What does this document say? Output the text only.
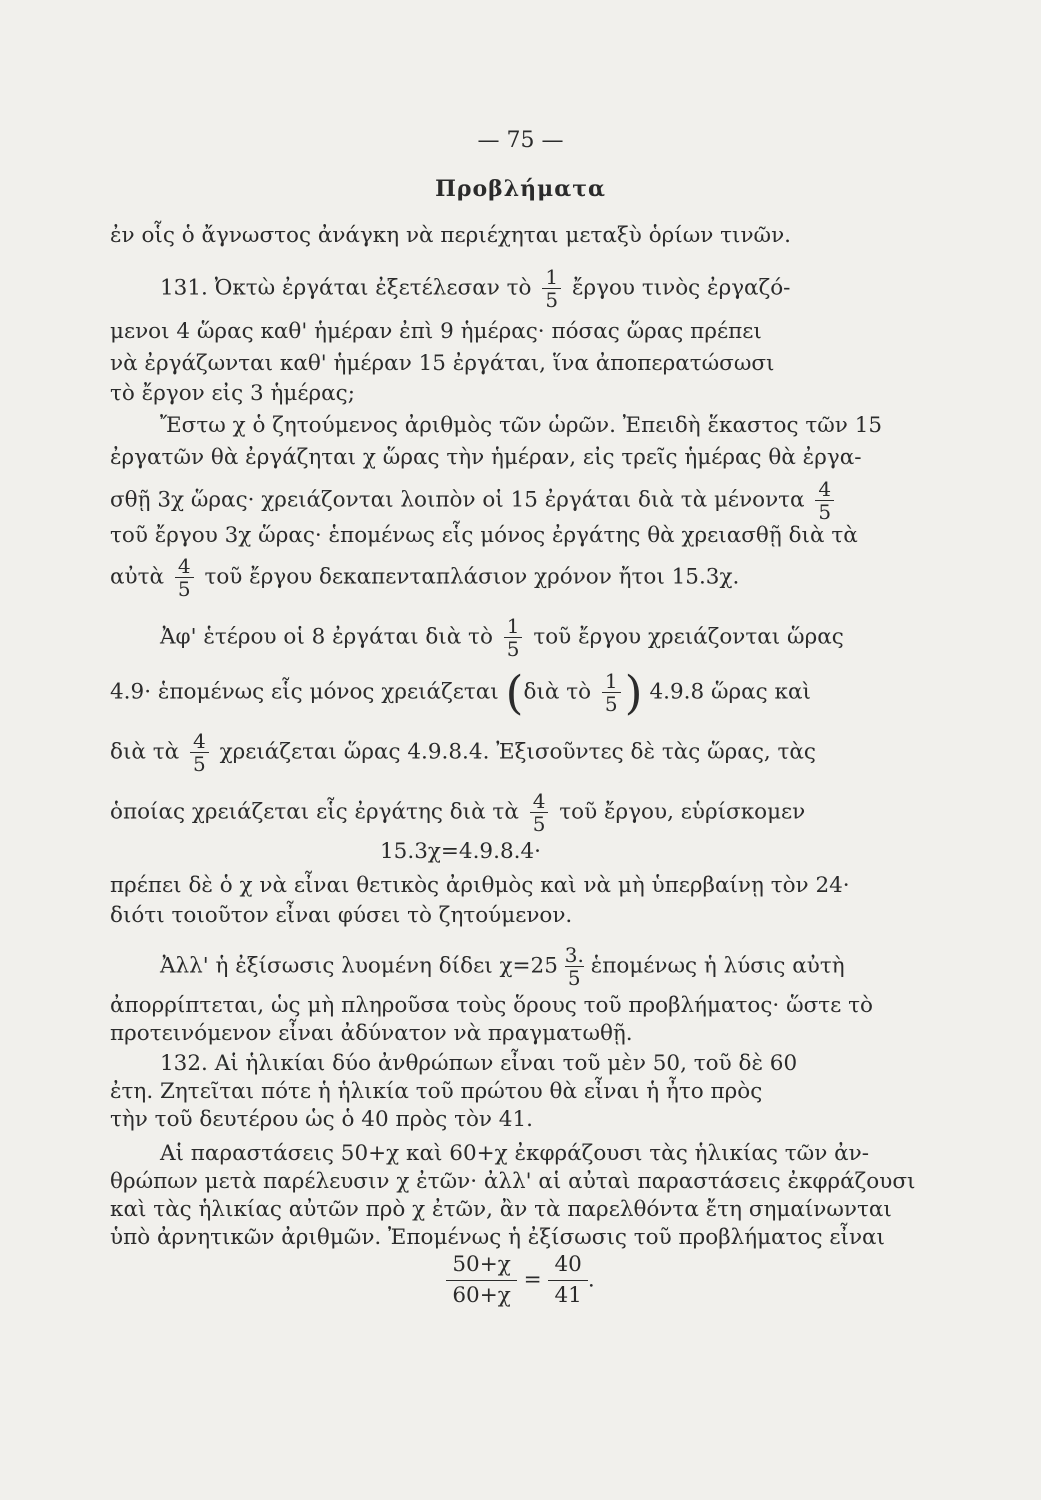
— 75 —
Προβλήματα
ἐν οἷς ὁ ἄγνωστος ἀνάγκη νὰ περιέχηται μεταξὺ ὁρίων τινῶν.
131. Ὀκτὼ ἐργάται ἐξετέλεσαν τὸ $\frac{1}{5}$ ἔργου τινὸς ἐργαζό-
μενοι 4 ὥρας καθ' ἡμέραν ἐπὶ 9 ἡμέρας· πόσας ὥρας πρέπει
νὰ ἐργάζωνται καθ' ἡμέραν 15 ἐργάται, ἵνα ἀποπερατώσωσι
τὸ ἔργον εἰς 3 ἡμέρας;
Ἔστω χ ὁ ζητούμενος ἀριθμὸς τῶν ὡρῶν. Ἐπειδὴ ἕκαστος τῶν 15
ἐργατῶν θὰ ἐργάζηται χ ὥρας τὴν ἡμέραν, εἰς τρεῖς ἡμέρας θὰ ἐργα-
σθῇ 3χ ὥρας· χρειάζονται λοιπὸν οἱ 15 ἐργάται διὰ τὰ μένοντα $\frac{4}{5}$
τοῦ ἔργου 3χ ὥρας· ἑπομένως εἷς μόνος ἐργάτης θὰ χρειασθῇ διὰ τὰ
αὐτὰ $\frac{4}{5}$ τοῦ ἔργου δεκαπενταπλάσιον χρόνον ἤτοι 15.3χ.
Ἀφ' ἑτέρου οἱ 8 ἐργάται διὰ τὸ $\frac{1}{5}$ τοῦ ἔργου χρειάζονται ὥρας
4.9· ἑπομένως εἷς μόνος χρειάζεται (διὰ τὸ $\frac{1}{5}$ ) 4.9.8 ὥρας καὶ
διὰ τὰ $\frac{4}{5}$ χρειάζεται ὥρας 4.9.8.4. Ἐξισοῦντες δὲ τὰς ὥρας, τὰς
ὁποίας χρειάζεται εἷς ἐργάτης διὰ τὰ $\frac{4}{5}$ τοῦ ἔργου, εὑρίσκομεν
15.3χ=4.9.8.4·
πρέπει δὲ ὁ χ νὰ εἶναι θετικὸς ἀριθμὸς καὶ νὰ μὴ ὑπερβαίνῃ τὸν 24·
διότι τοιοῦτον εἶναι φύσει τὸ ζητούμενον.
Ἀλλ' ἡ ἐξίσωσις λυομένη δίδει $\chi=25 \frac{3.}{5}$ ἑπομένως ἡ λύσις αὐτὴ
ἀπορρίπτεται, ὡς μὴ πληροῦσα τοὺς ὅρους τοῦ προβλήματος· ὥστε τὸ
προτεινόμενον εἶναι ἀδύνατον νὰ πραγματωθῇ.
132. Αἱ ἡλικίαι δύο ἀνθρώπων εἶναι τοῦ μὲν 50, τοῦ δὲ 60
ἐτη. Ζητεῖται πότε ἡ ἡλικία τοῦ πρώτου θὰ εἶναι ἡ ἦτο πρὸς
τὴν τοῦ δευτέρου ὡς ὁ 40 πρὸς τὸν 41.
Αἱ παραστάσεις 50+χ καὶ 60+χ ἐκφράζουσι τὰς ἡλικίας τῶν ἀν-
θρώπων μετὰ παρέλευσιν χ ἐτῶν· ἀλλ' αἱ αὐταὶ παραστάσεις ἐκφράζουσι
καὶ τὰς ἡλικίας αὐτῶν πρὸ χ ἐτῶν, ἂν τὰ παρελθόντα ἔτη σημαίνωνται
ὑπὸ ἀρνητικῶν ἀριθμῶν. Ἐπομένως ἡ ἐξίσωσις τοῦ προβλήματος εἶναι
$\frac{50+\chi}{60+\chi} = \frac{40}{41}$ .
